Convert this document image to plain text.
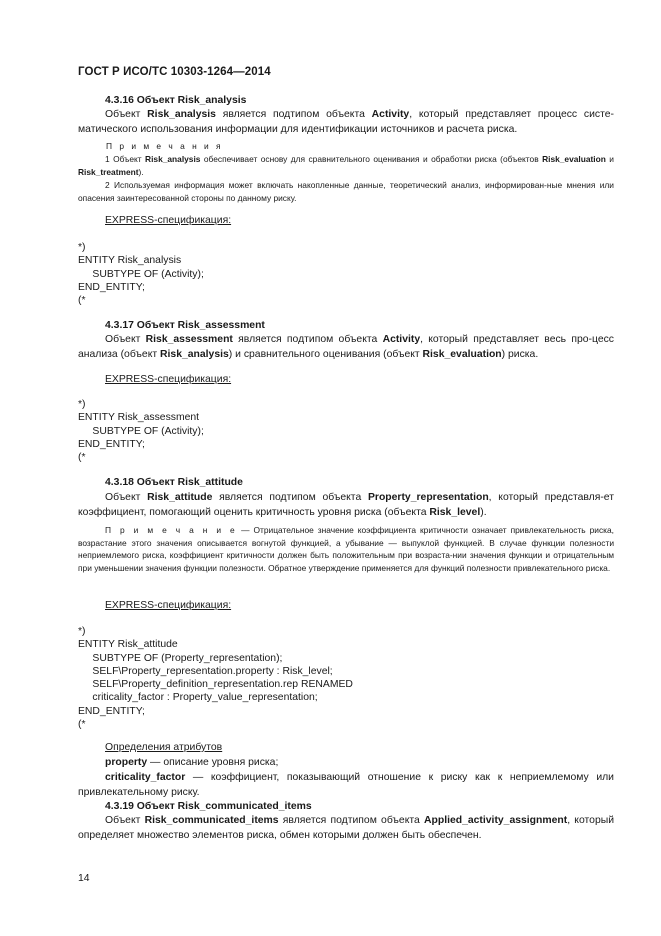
ГОСТ Р ИСО/ТС 10303-1264—2014
4.3.16 Объект Risk_analysis
Объект Risk_analysis является подтипом объекта Activity, который представляет процесс систе-матического использования информации для идентификации источников и расчета риска.
П р и м е ч а н и я
1 Объект Risk_analysis обеспечивает основу для сравнительного оценивания и обработки риска (объектов Risk_evaluation и Risk_treatment).
2 Используемая информация может включать накопленные данные, теоретический анализ, информирован-ные мнения или опасения заинтересованной стороны по данному риску.
EXPRESS-спецификация:
*)
ENTITY Risk_analysis
SUBTYPE OF (Activity);
END_ENTITY;
(*
4.3.17 Объект Risk_assessment
Объект Risk_assessment является подтипом объекта Activity, который представляет весь про-цесс анализа (объект Risk_analysis) и сравнительного оценивания (объект Risk_evaluation) риска.
EXPRESS-спецификация:
*)
ENTITY Risk_assessment
SUBTYPE OF (Activity);
END_ENTITY;
(*
4.3.18 Объект Risk_attitude
Объект Risk_attitude является подтипом объекта Property_representation, который представля-ет коэффициент, помогающий оценить критичность уровня риска (объекта Risk_level).
П р и м е ч а н и е — Отрицательное значение коэффициента критичности означает привлекательность риска, возрастание этого значения описывается вогнутой функцией, а убывание — выпуклой функцией. В случае функции полезности неприемлемого риска, коэффициент критичности должен быть положительным при возраста-нии значения функции и отрицательным при уменьшении значения функции полезности. Обратное утверждение применяется для функций полезности привлекательного риска.
EXPRESS-спецификация:
*)
ENTITY Risk_attitude
SUBTYPE OF (Property_representation);
SELF\Property_representation.property : Risk_level;
SELF\Property_definition_representation.rep RENAMED
criticality_factor : Property_value_representation;
END_ENTITY;
(*
Определения атрибутов
property — описание уровня риска;
criticality_factor — коэффициент, показывающий отношение к риску как к неприемлемому или привлекательному риску.
4.3.19 Объект Risk_communicated_items
Объект Risk_communicated_items является подтипом объекта Applied_activity_assignment, который определяет множество элементов риска, обмен которыми должен быть обеспечен.
14
